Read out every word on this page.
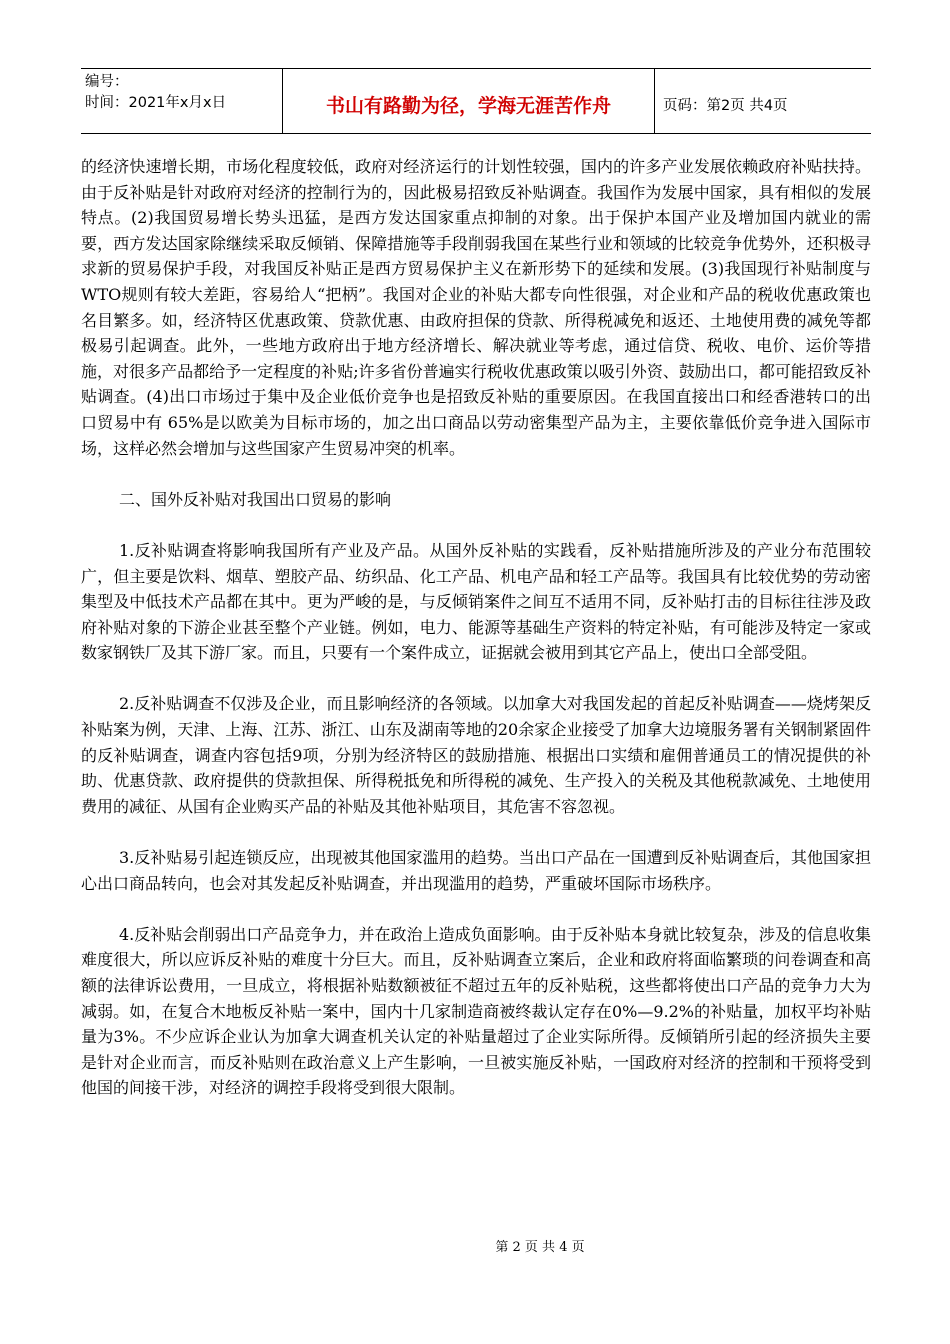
编号：
时间：2021年x月x日	书山有路勤为径，学海无涯苦作舟	页码：第2页 共4页

的经济快速增长期，市场化程度较低，政府对经济运行的计划性较强，国内的许多产业发展依赖政府补贴扶持。由于反补贴是针对政府对经济的控制行为的，因此极易招致反补贴调查。我国作为发展中国家，具有相似的发展特点。(2)我国贸易增长势头迅猛，是西方发达国家重点抑制的对象。出于保护本国产业及增加国内就业的需要，西方发达国家除继续采取反倾销、保障措施等手段削弱我国在某些行业和领域的比较竞争优势外，还积极寻求新的贸易保护手段，对我国反补贴正是西方贸易保护主义在新形势下的延续和发展。(3)我国现行补贴制度与WTO规则有较大差距，容易给人“把柄”。我国对企业的补贴大都专向性很强，对企业和产品的税收优惠政策也名目繁多。如，经济特区优惠政策、贷款优惠、由政府担保的贷款、所得税减免和返还、土地使用费的减免等都极易引起调查。此外，一些地方政府出于地方经济增长、解决就业等考虑，通过信贷、税收、电价、运价等措施，对很多产品都给予一定程度的补贴;许多省份普遍实行税收优惠政策以吸引外资、鼓励出口，都可能招致反补贴调查。(4)出口市场过于集中及企业低价竞争也是招致反补贴的重要原因。在我国直接出口和经香港转口的出口贸易中有 65%是以欧美为目标市场的，加之出口商品以劳动密集型产品为主，主要依靠低价竞争进入国际市场，这样必然会增加与这些国家产生贸易冲突的机率。

二、国外反补贴对我国出口贸易的影响

1.反补贴调查将影响我国所有产业及产品。从国外反补贴的实践看，反补贴措施所涉及的产业分布范围较广，但主要是饮料、烟草、塑胶产品、纺织品、化工产品、机电产品和轻工产品等。我国具有比较优势的劳动密集型及中低技术产品都在其中。更为严峻的是，与反倾销案件之间互不适用不同，反补贴打击的目标往往涉及政府补贴对象的下游企业甚至整个产业链。例如，电力、能源等基础生产资料的特定补贴，有可能涉及特定一家或数家钢铁厂及其下游厂家。而且，只要有一个案件成立，证据就会被用到其它产品上，使出口全部受阻。

2.反补贴调查不仅涉及企业，而且影响经济的各领域。以加拿大对我国发起的首起反补贴调查——烧烤架反补贴案为例，天津、上海、江苏、浙江、山东及湖南等地的20余家企业接受了加拿大边境服务署有关钢制紧固件的反补贴调查，调查内容包括9项，分别为经济特区的鼓励措施、根据出口实绩和雇佣普通员工的情况提供的补助、优惠贷款、政府提供的贷款担保、所得税抵免和所得税的减免、生产投入的关税及其他税款减免、土地使用费用的减征、从国有企业购买产品的补贴及其他补贴项目，其危害不容忽视。

3.反补贴易引起连锁反应，出现被其他国家滥用的趋势。当出口产品在一国遭到反补贴调查后，其他国家担心出口商品转向，也会对其发起反补贴调查，并出现滥用的趋势，严重破坏国际市场秩序。

4.反补贴会削弱出口产品竞争力，并在政治上造成负面影响。由于反补贴本身就比较复杂，涉及的信息收集难度很大，所以应诉反补贴的难度十分巨大。而且，反补贴调查立案后，企业和政府将面临繁琐的问卷调查和高额的法律诉讼费用，一旦成立，将根据补贴数额被征不超过五年的反补贴税，这些都将使出口产品的竞争力大为减弱。如，在复合木地板反补贴一案中，国内十几家制造商被终裁认定存在0%—9.2%的补贴量，加权平均补贴量为3%。不少应诉企业认为加拿大调查机关认定的补贴量超过了企业实际所得。反倾销所引起的经济损失主要是针对企业而言，而反补贴则在政治意义上产生影响，一旦被实施反补贴，一国政府对经济的控制和干预将受到他国的间接干涉，对经济的调控手段将受到很大限制。

第 2 页 共 4 页
